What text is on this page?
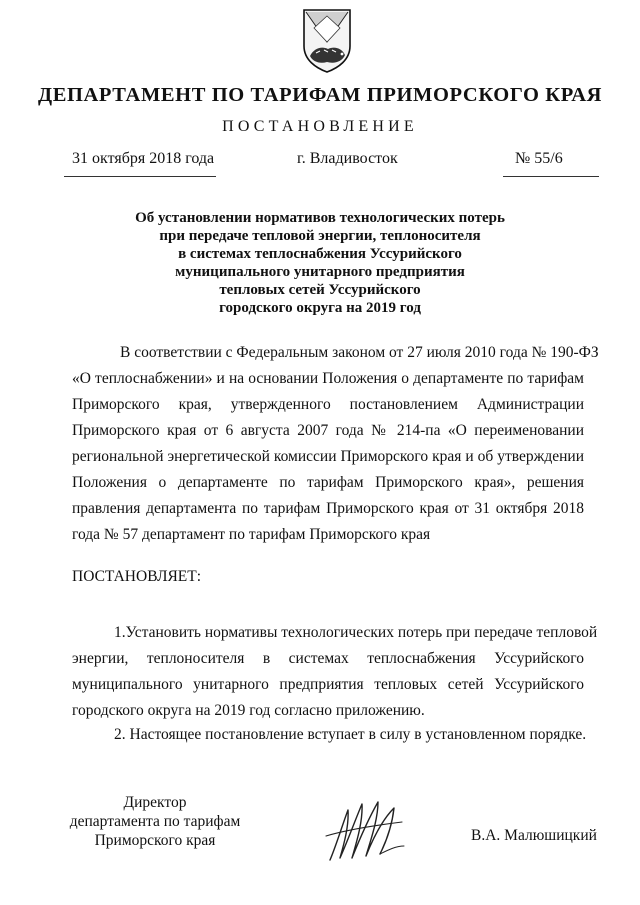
ДЕПАРТАМЕНТ ПО ТАРИФАМ ПРИМОРСКОГО КРАЯ
ПОСТАНОВЛЕНИЕ
31 октября 2018 года	г. Владивосток	№ 55/6
Об установлении нормативов технологических потерь
при передаче тепловой энергии, теплоносителя
в системах теплоснабжения Уссурийского
муниципального унитарного предприятия
тепловых сетей Уссурийского
городского округа на 2019 год
В соответствии с Федеральным законом от 27 июля 2010 года № 190-ФЗ
«О теплоснабжении» и на основании Положения о департаменте по тарифам
Приморского края, утвержденного постановлением Администрации
Приморского края от 6 августа 2007 года № 214-па «О переименовании
региональной энергетической комиссии Приморского края и об утверждении
Положения о департаменте по тарифам Приморского края», решения
правления департамента по тарифам Приморского края от 31 октября 2018
года № 57 департамент по тарифам Приморского края
ПОСТАНОВЛЯЕТ:
1.Установить нормативы технологических потерь при передаче тепловой
энергии, теплоносителя в системах теплоснабжения Уссурийского
муниципального унитарного предприятия тепловых сетей Уссурийского
городского округа на 2019 год согласно приложению.
2. Настоящее постановление вступает в силу в установленном порядке.
Директор
департамента по тарифам
Приморского края	В.А. Малюшицкий
